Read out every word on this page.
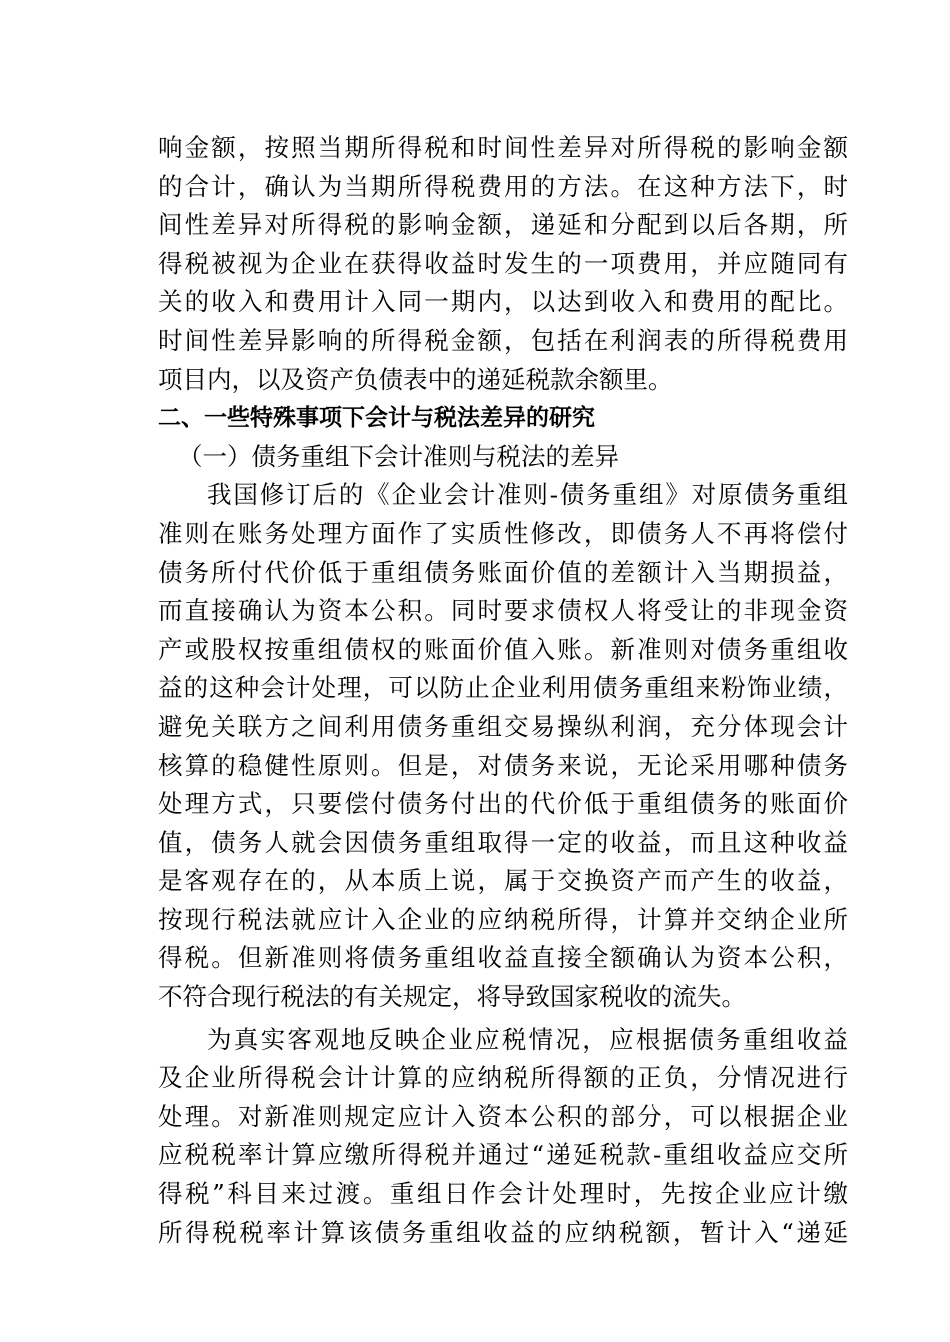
响金额，按照当期所得税和时间性差异对所得税的影响金额
的合计，确认为当期所得税费用的方法。在这种方法下，时
间性差异对所得税的影响金额，递延和分配到以后各期，所
得税被视为企业在获得收益时发生的一项费用，并应随同有
关的收入和费用计入同一期内，以达到收入和费用的配比。
时间性差异影响的所得税金额，包括在利润表的所得税费用
项目内，以及资产负债表中的递延税款余额里。
二、一些特殊事项下会计与税法差异的研究
（一）债务重组下会计准则与税法的差异
我国修订后的《企业会计准则-债务重组》对原债务重组
准则在账务处理方面作了实质性修改，即债务人不再将偿付
债务所付代价低于重组债务账面价值的差额计入当期损益，
而直接确认为资本公积。同时要求债权人将受让的非现金资
产或股权按重组债权的账面价值入账。新准则对债务重组收
益的这种会计处理，可以防止企业利用债务重组来粉饰业绩，
避免关联方之间利用债务重组交易操纵利润，充分体现会计
核算的稳健性原则。但是，对债务来说，无论采用哪种债务
处理方式，只要偿付债务付出的代价低于重组债务的账面价
值，债务人就会因债务重组取得一定的收益，而且这种收益
是客观存在的，从本质上说，属于交换资产而产生的收益，
按现行税法就应计入企业的应纳税所得，计算并交纳企业所
得税。但新准则将债务重组收益直接全额确认为资本公积，
不符合现行税法的有关规定，将导致国家税收的流失。
为真实客观地反映企业应税情况，应根据债务重组收益
及企业所得税会计计算的应纳税所得额的正负，分情况进行
处理。对新准则规定应计入资本公积的部分，可以根据企业
应税税率计算应缴所得税并通过“递延税款-重组收益应交所
得税”科目来过渡。重组日作会计处理时，先按企业应计缴
所得税税率计算该债务重组收益的应纳税额，暂计入“递延
